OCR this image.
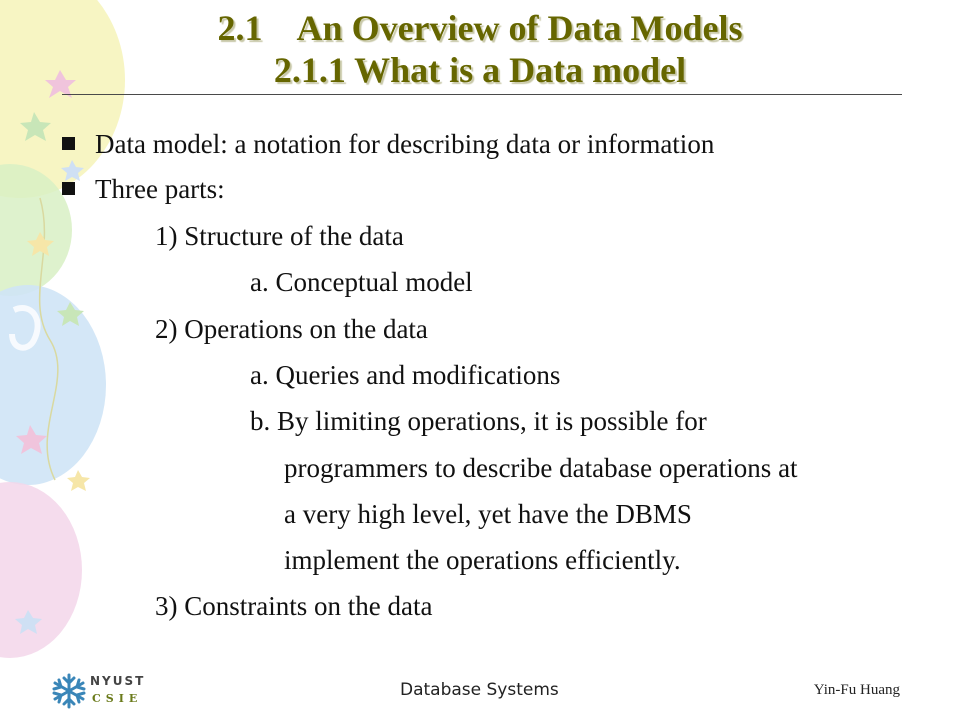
2.1    An Overview of Data Models
2.1.1 What is a Data model
Data model: a notation for describing data or information
Three parts:
1) Structure of the data
a. Conceptual model
2) Operations on the data
a. Queries and modifications
b. By limiting operations, it is possible for
programmers to describe database operations at
a very high level, yet have the DBMS
implement the operations efficiently.
3) Constraints on the data
NYUST
CSIE	Database Systems	Yin-Fu Huang
